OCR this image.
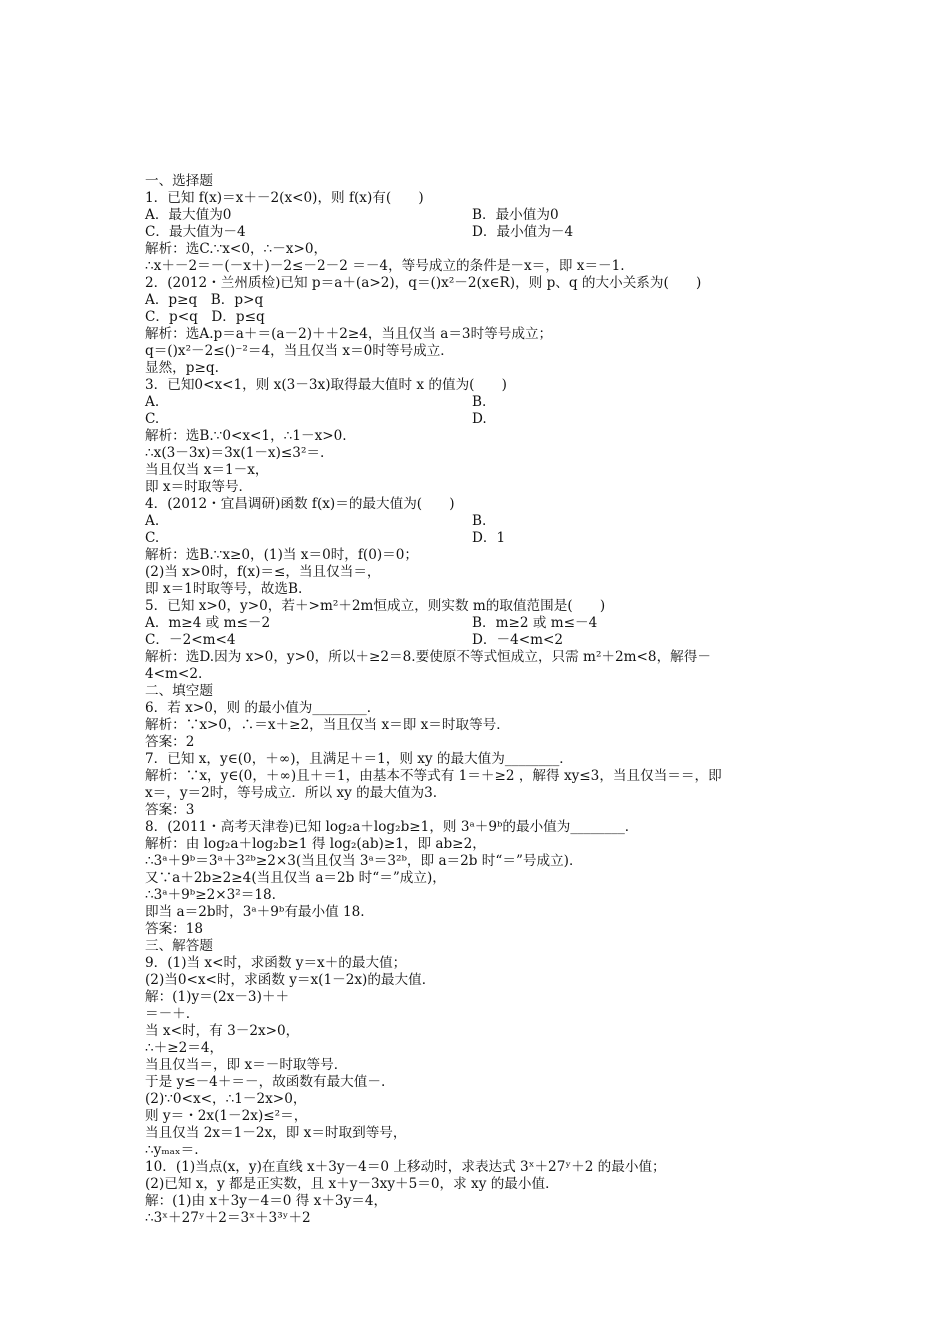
一、选择题
1．已知 f(x)＝x＋－2(x<0)，则 f(x)有(　　)
A．最大值为0	B．最小值为0
C．最大值为－4	D．最小值为－4
解析：选C.∵x<0，∴－x>0，
∴x＋－2＝－(－x＋)－2≤－2－2 ＝－4，等号成立的条件是－x＝，即 x＝－1.
2．(2012・兰州质检)已知 p＝a＋(a>2)，q＝()x²－2(x∈R)，则 p、q 的大小关系为(　　)
A．p≥q　B．p>q
C．p<q　D．p≤q
解析：选A.p＝a＋＝(a－2)＋＋2≥4，当且仅当 a＝3时等号成立；
q＝()x²－2≤()⁻²＝4，当且仅当 x＝0时等号成立．
显然，p≥q.
3．已知0<x<1，则 x(3－3x)取得最大值时 x 的值为(　　)
A.	B.
C.	D.
解析：选B.∵0<x<1，∴1－x>0.
∴x(3－3x)＝3x(1－x)≤3²＝.
当且仅当 x＝1－x，
即 x＝时取等号．
4．(2012・宜昌调研)函数 f(x)＝的最大值为(　　)
A.	B.
C.	D．1
解析：选B.∵x≥0，(1)当 x＝0时，f(0)＝0；
(2)当 x>0时，f(x)＝≤，当且仅当＝，
即 x＝1时取等号，故选B.
5．已知 x>0，y>0，若＋>m²＋2m恒成立，则实数 m的取值范围是(　　)
A．m≥4 或 m≤－2	B．m≥2 或 m≤－4
C．－2<m<4	D．－4<m<2
解析：选D.因为 x>0，y>0，所以＋≥2＝8.要使原不等式恒成立，只需 m²＋2m<8，解得－
4<m<2.
二、填空题
6．若 x>0，则 的最小值为________．
解析：∵x>0，∴＝x＋≥2，当且仅当 x＝即 x＝时取等号．
答案：2
7．已知 x，y∈(0，＋∞)，且满足＋＝1，则 xy 的最大值为________．
解析：∵x，y∈(0，＋∞)且＋＝1，由基本不等式有 1＝＋≥2 ，解得 xy≤3，当且仅当＝＝，即
x＝，y＝2时，等号成立．所以 xy 的最大值为3.
答案：3
8．(2011・高考天津卷)已知 log₂a＋log₂b≥1，则 3ᵃ＋9ᵇ的最小值为________．
解析：由 log₂a＋log₂b≥1 得 log₂(ab)≥1，即 ab≥2，
∴3ᵃ＋9ᵇ＝3ᵃ＋3²ᵇ≥2×3(当且仅当 3ᵃ＝3²ᵇ，即 a＝2b 时“＝”号成立)．
又∵a＋2b≥2≥4(当且仅当 a＝2b 时“＝”成立)，
∴3ᵃ＋9ᵇ≥2×3²＝18.
即当 a＝2b时，3ᵃ＋9ᵇ有最小值 18.
答案：18
三、解答题
9．(1)当 x<时，求函数 y＝x＋的最大值；
(2)当0<x<时，求函数 y＝x(1－2x)的最大值．
解：(1)y＝(2x－3)＋＋
＝－＋.
当 x<时，有 3－2x>0，
∴＋≥2＝4，
当且仅当＝，即 x＝－时取等号．
于是 y≤－4＋＝－，故函数有最大值－.
(2)∵0<x<，∴1－2x>0，
则 y＝・2x(1－2x)≤²＝，
当且仅当 2x＝1－2x，即 x＝时取到等号，
∴yₘₐₓ＝.
10．(1)当点(x，y)在直线 x＋3y－4＝0 上移动时，求表达式 3ˣ＋27ʸ＋2 的最小值；
(2)已知 x，y 都是正实数，且 x＋y－3xy＋5＝0，求 xy 的最小值．
解：(1)由 x＋3y－4＝0 得 x＋3y＝4，
∴3ˣ＋27ʸ＋2＝3ˣ＋3³ʸ＋2
